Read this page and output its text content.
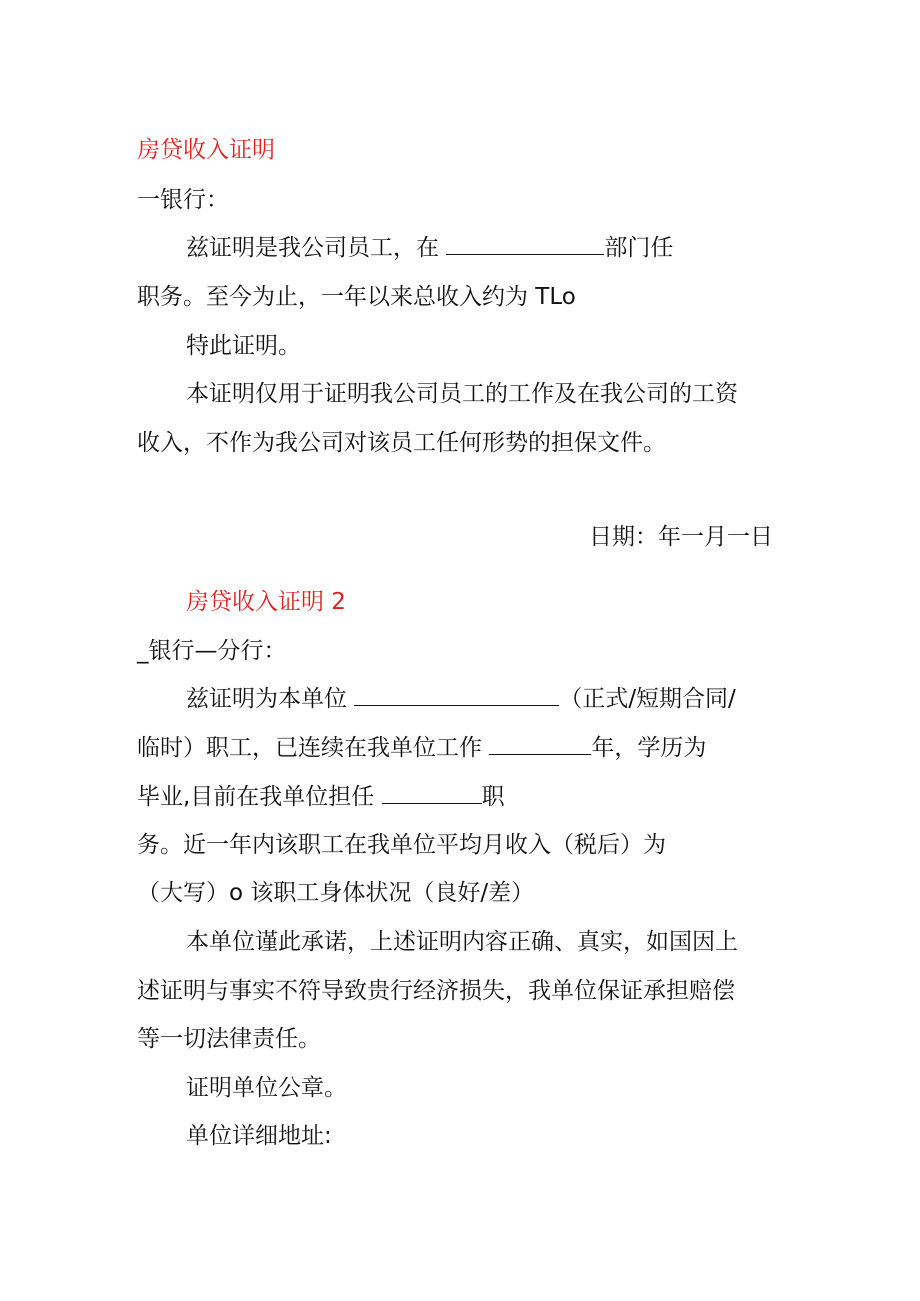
房贷收入证明
一银行：
兹证明是我公司员工，在	部门任
职务。至今为止，一年以来总收入约为 TLo
特此证明。
本证明仅用于证明我公司员工的工作及在我公司的工资
收入，不作为我公司对该员工任何形势的担保文件。
日期：年一月一日
房贷收入证明 2
_银行—分行：
兹证明为本单位	（正式/短期合同/
临时）职工，已连续在我单位工作	年，学历为
毕业,目前在我单位担任	职
务。近一年内该职工在我单位平均月收入（税后）为
（大写）o 该职工身体状况（良好/差）
本单位谨此承诺，上述证明内容正确、真实，如国因上
述证明与事实不符导致贵行经济损失，我单位保证承担赔偿
等一切法律责任。
证明单位公章。
单位详细地址:
